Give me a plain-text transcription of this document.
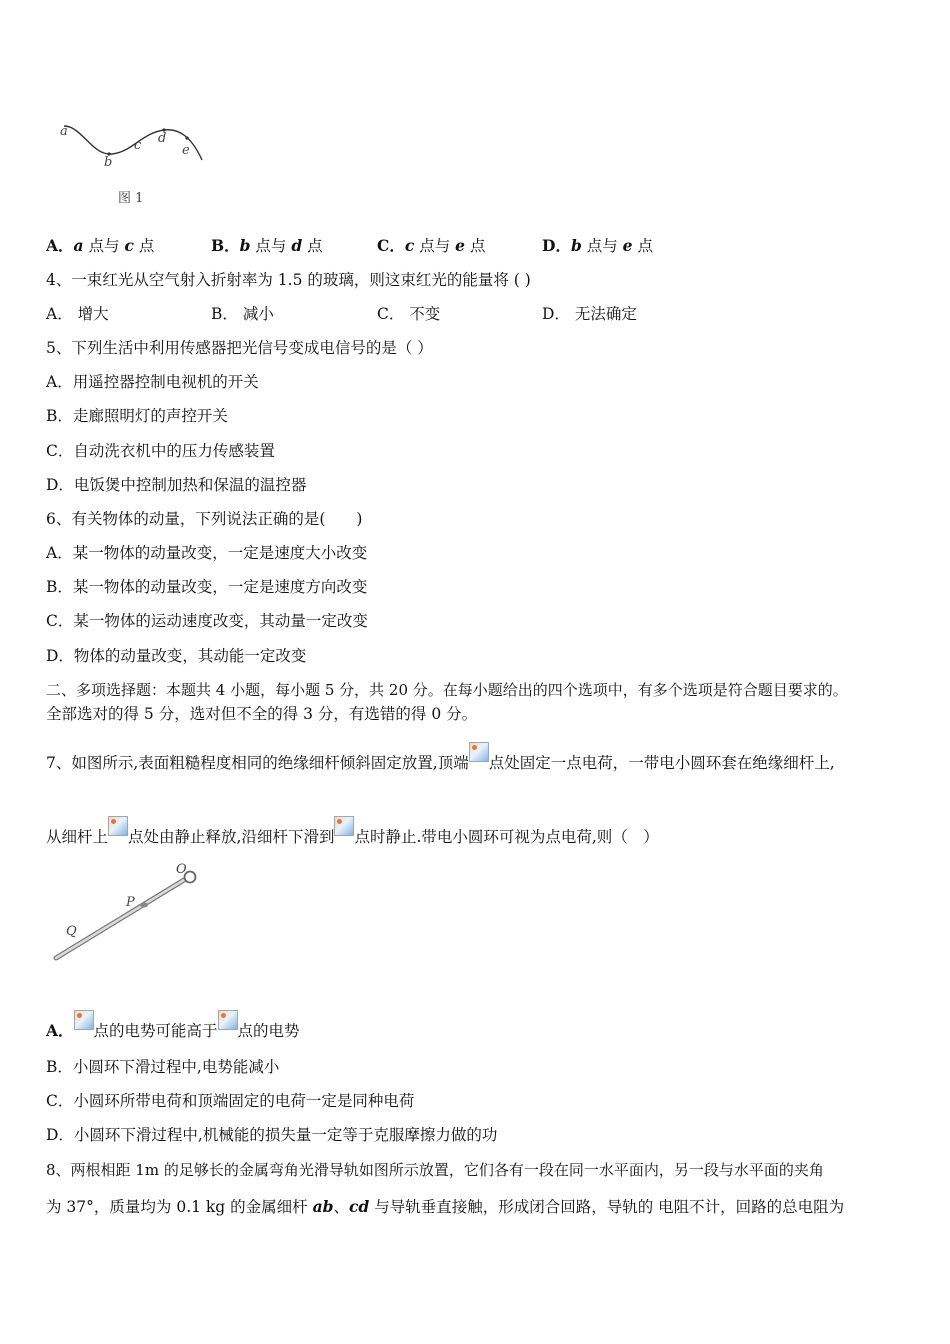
a
b
c d
e
图 1
A．a 点与 c 点	B．b 点与 d 点	C．c 点与 e 点	D．b 点与 e 点
4、一束红光从空气射入折射率为 1.5 的玻璃，则这束红光的能量将 ( )
A． 增大	B． 减小	C． 不变	D． 无法确定
5、下列生活中利用传感器把光信号变成电信号的是（ ）
A．用遥控器控制电视机的开关
B．走廊照明灯的声控开关
C．自动洗衣机中的压力传感装置
D．电饭煲中控制加热和保温的温控器
6、有关物体的动量，下列说法正确的是(　　)
A．某一物体的动量改变，一定是速度大小改变
B．某一物体的动量改变，一定是速度方向改变
C．某一物体的运动速度改变，其动量一定改变
D．物体的动量改变，其动能一定改变
二、多项选择题：本题共 4 小题，每小题 5 分，共 20 分。在每小题给出的四个选项中，有多个选项是符合题目要求的。
全部选对的得 5 分，选对但不全的得 3 分，有选错的得 0 分。
7、如图所示,表面粗糙程度相同的绝缘细杆倾斜固定放置,顶端 点处固定一点电荷，一带电小圆环套在绝缘细杆上,
从细杆上 点处由静止释放,沿细杆下滑到 点时静止.带电小圆环可视为点电荷,则（　）
O
P
Q
A． 点的电势可能高于 点的电势
B．小圆环下滑过程中,电势能减小
C．小圆环所带电荷和顶端固定的电荷一定是同种电荷
D．小圆环下滑过程中,机械能的损失量一定等于克服摩擦力做的功
8、两根相距 1m 的足够长的金属弯角光滑导轨如图所示放置，它们各有一段在同一水平面内，另一段与水平面的夹角
为 37°，质量均为 0.1 kg 的金属细杆 ab、cd 与导轨垂直接触，形成闭合回路，导轨的 电阻不计，回路的总电阻为
